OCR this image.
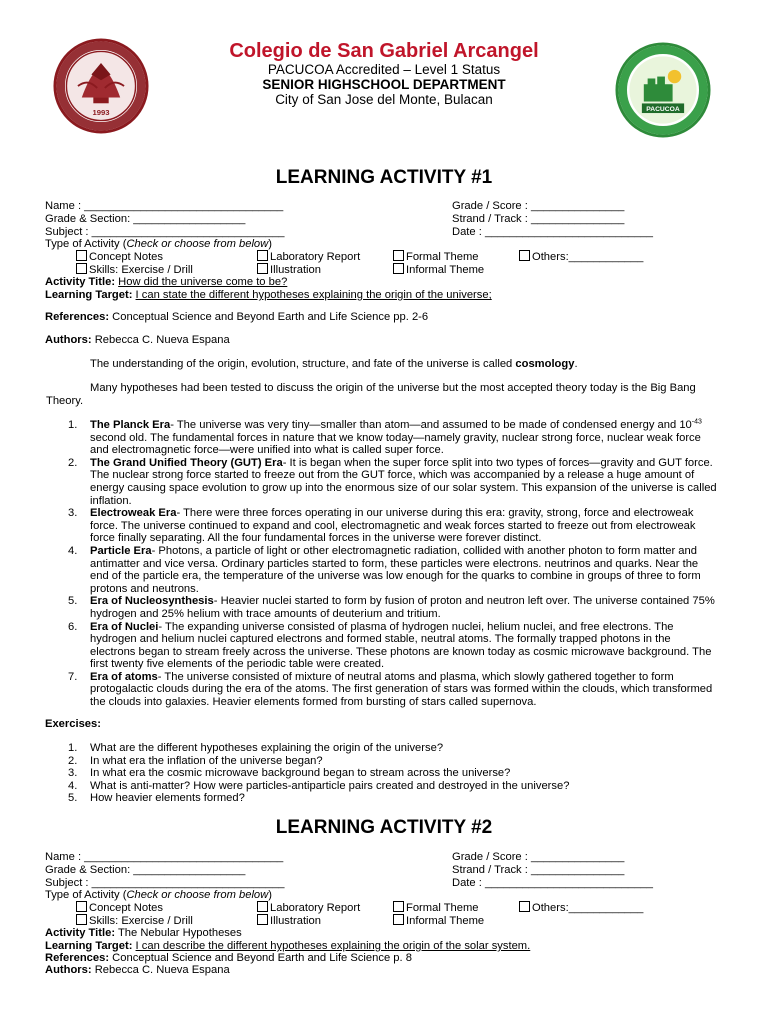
1993	PACUCOA
Colegio de San Gabriel Arcangel
PACUCOA Accredited – Level 1 Status
SENIOR HIGHSCHOOL DEPARTMENT
City of San Jose del Monte, Bulacan
LEARNING ACTIVITY #1
Name : ________________________________	Grade / Score : _______________
Grade & Section: __________________	Strand / Track : _______________
Subject : _______________________________	Date : ___________________________
Type of Activity (Check or choose from below)
Concept Notes	Laboratory Report	Formal Theme	Others:____________
Skills: Exercise / Drill	Illustration	Informal Theme
Activity Title: How did the universe come to be?
Learning Target: I can state the different hypotheses explaining the origin of the universe;
References: Conceptual Science and Beyond Earth and Life Science pp. 2-6
Authors: Rebecca C. Nueva Espana
The understanding of the origin, evolution, structure, and fate of the universe is called cosmology.
Many hypotheses had been tested to discuss the origin of the universe but the most accepted theory today is the Big Bang Theory.
1. The Planck Era- The universe was very tiny—smaller than atom—and assumed to be made of condensed energy and $10^{-43}$ second old. The fundamental forces in nature that we know today—namely gravity, nuclear strong force, nuclear weak force and electromagnetic force—were unified into what is called super force.
2. The Grand Unified Theory (GUT) Era- It is began when the super force split into two types of forces—gravity and GUT force. The nuclear strong force started to freeze out from the GUT force, which was accompanied by a release a huge amount of energy causing space evolution to grow up into the enormous size of our solar system. This expansion of the universe is called inflation.
3. Electroweak Era- There were three forces operating in our universe during this era: gravity, strong, force and electroweak force. The universe continued to expand and cool, electromagnetic and weak forces started to freeze out from electroweak force finally separating. All the four fundamental forces in the universe were forever distinct.
4. Particle Era- Photons, a particle of light or other electromagnetic radiation, collided with another photon to form matter and antimatter and vice versa. Ordinary particles started to form, these particles were electrons. neutrinos and quarks. Near the end of the particle era, the temperature of the universe was low enough for the quarks to combine in groups of three to form protons and neutrons.
5. Era of Nucleosynthesis- Heavier nuclei started to form by fusion of proton and neutron left over. The universe contained 75% hydrogen and 25% helium with trace amounts of deuterium and tritium.
6. Era of Nuclei- The expanding universe consisted of plasma of hydrogen nuclei, helium nuclei, and free electrons. The hydrogen and helium nuclei captured electrons and formed stable, neutral atoms. The formally trapped photons in the electrons began to stream freely across the universe. These photons are known today as cosmic microwave background. The first twenty five elements of the periodic table were created.
7. Era of atoms- The universe consisted of mixture of neutral atoms and plasma, which slowly gathered together to form protogalactic clouds during the era of the atoms. The first generation of stars was formed within the clouds, which transformed the clouds into galaxies. Heavier elements formed from bursting of stars called supernova.
Exercises:
1. What are the different hypotheses explaining the origin of the universe?
2. In what era the inflation of the universe began?
3. In what era the cosmic microwave background began to stream across the universe?
4. What is anti-matter? How were particles-antiparticle pairs created and destroyed in the universe?
5. How heavier elements formed?
LEARNING ACTIVITY #2
Name : ________________________________	Grade / Score : _______________
Grade & Section: __________________	Strand / Track : _______________
Subject : _______________________________	Date : ___________________________
Type of Activity (Check or choose from below)
Concept Notes	Laboratory Report	Formal Theme	Others:____________
Skills: Exercise / Drill	Illustration	Informal Theme
Activity Title: The Nebular Hypotheses
Learning Target: I can describe the different hypotheses explaining the origin of the solar system.
References: Conceptual Science and Beyond Earth and Life Science p. 8
Authors: Rebecca C. Nueva Espana
